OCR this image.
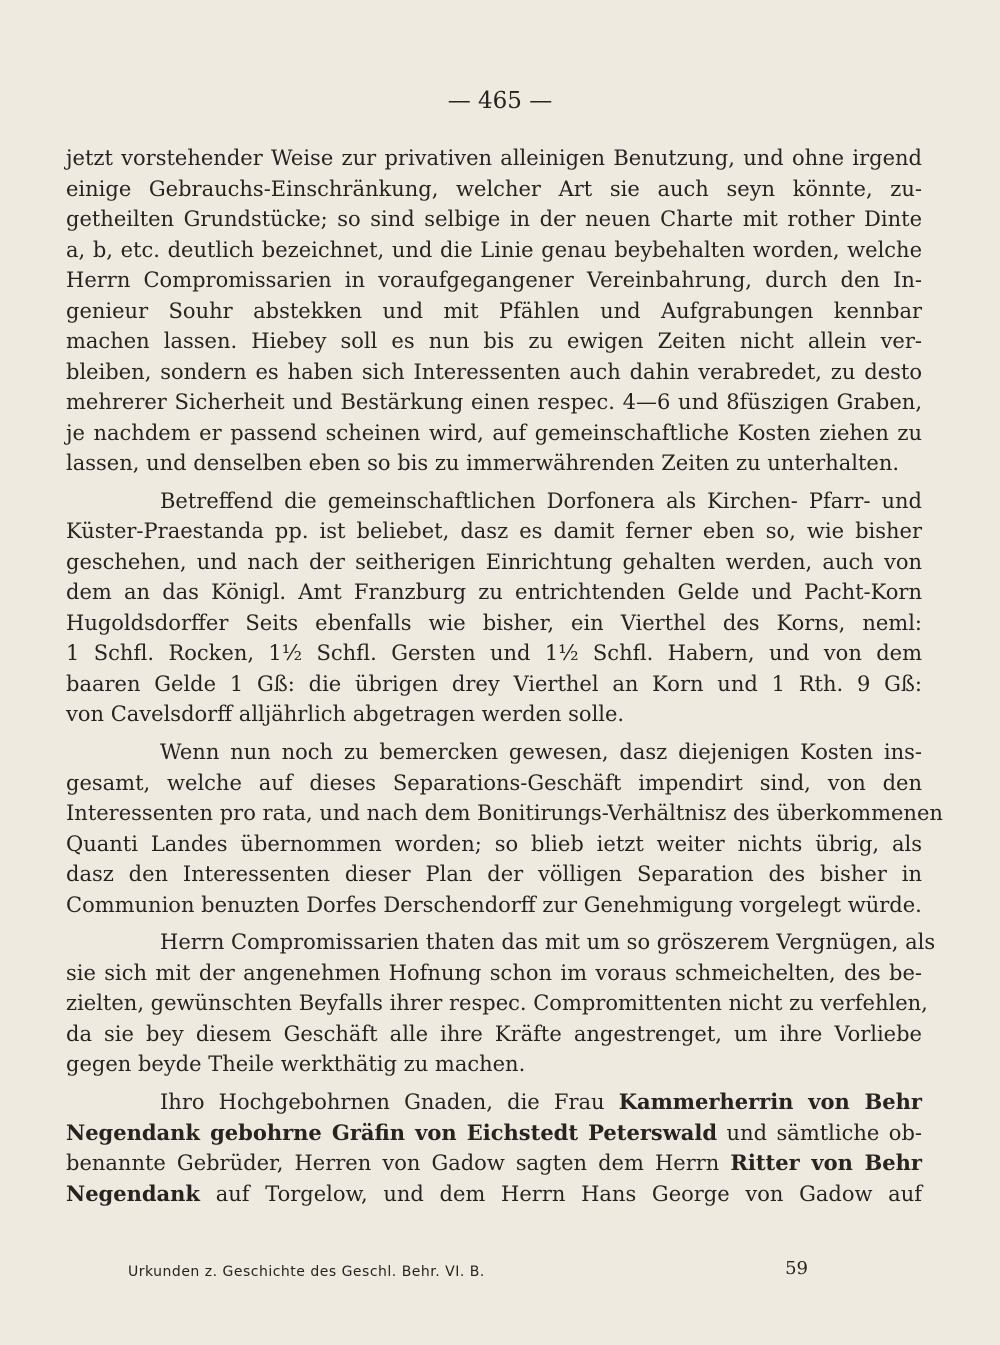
— 465 —
jetzt vorstehender Weise zur privativen alleinigen Benutzung, und ohne irgend
einige Gebrauchs-Einschränkung, welcher Art sie auch seyn könnte, zu-
getheilten Grundstücke; so sind selbige in der neuen Charte mit rother Dinte
a, b, etc. deutlich bezeichnet, und die Linie genau beybehalten worden, welche
Herrn Compromissarien in voraufgegangener Vereinbahrung, durch den In-
genieur Souhr abstekken und mit Pfählen und Aufgrabungen kennbar
machen lassen. Hiebey soll es nun bis zu ewigen Zeiten nicht allein ver-
bleiben, sondern es haben sich Interessenten auch dahin verabredet, zu desto
mehrerer Sicherheit und Bestärkung einen respec. 4—6 und 8füszigen Graben,
je nachdem er passend scheinen wird, auf gemeinschaftliche Kosten ziehen zu
lassen, und denselben eben so bis zu immerwährenden Zeiten zu unterhalten.
Betreffend die gemeinschaftlichen Dorfonera als Kirchen- Pfarr- und
Küster-Praestanda pp. ist beliebet, dasz es damit ferner eben so, wie bisher
geschehen, und nach der seitherigen Einrichtung gehalten werden, auch von
dem an das Königl. Amt Franzburg zu entrichtenden Gelde und Pacht-Korn
Hugoldsdorffer Seits ebenfalls wie bisher, ein Vierthel des Korns, neml:
1 Schfl. Rocken, 1½ Schfl. Gersten und 1½ Schfl. Habern, und von dem
baaren Gelde 1 Gß: die übrigen drey Vierthel an Korn und 1 Rth. 9 Gß:
von Cavelsdorff alljährlich abgetragen werden solle.
Wenn nun noch zu bemercken gewesen, dasz diejenigen Kosten ins-
gesamt, welche auf dieses Separations-Geschäft impendirt sind, von den
Interessenten pro rata, und nach dem Bonitirungs-Verhältnisz des überkommenen
Quanti Landes übernommen worden; so blieb ietzt weiter nichts übrig, als
dasz den Interessenten dieser Plan der völligen Separation des bisher in
Communion benuzten Dorfes Derschendorff zur Genehmigung vorgelegt würde.
Herrn Compromissarien thaten das mit um so gröszerem Vergnügen, als
sie sich mit der angenehmen Hofnung schon im voraus schmeichelten, des be-
zielten, gewünschten Beyfalls ihrer respec. Compromittenten nicht zu verfehlen,
da sie bey diesem Geschäft alle ihre Kräfte angestrenget, um ihre Vorliebe
gegen beyde Theile werkthätig zu machen.
Ihro Hochgebohrnen Gnaden, die Frau Kammerherrin von Behr
Negendank gebohrne Gräfin von Eichstedt Peterswald und sämtliche ob-
benannte Gebrüder, Herren von Gadow sagten dem Herrn Ritter von Behr
Negendank auf Torgelow, und dem Herrn Hans George von Gadow auf
Urkunden z. Geschichte des Geschl. Behr. VI. B.	59
